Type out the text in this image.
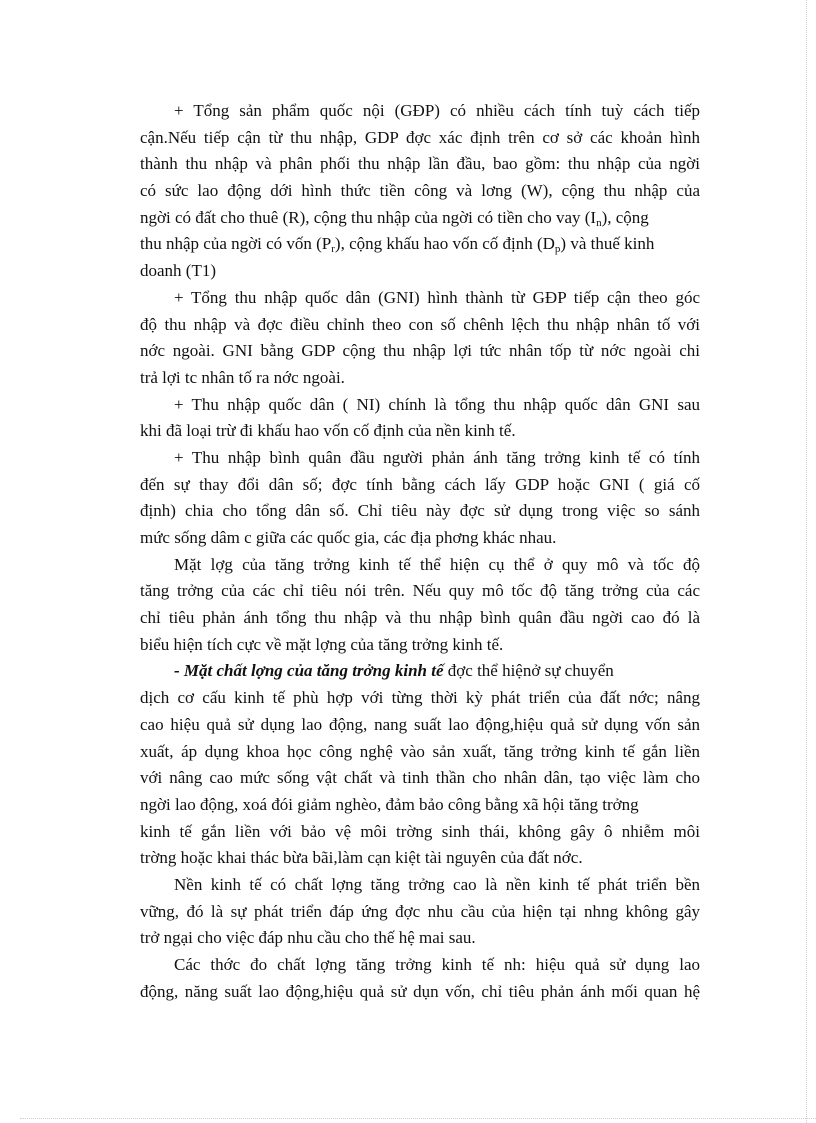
+ Tổng sản phẩm quốc nội (GĐP) có nhiều cách tính tuỳ cách tiếp
cận.Nếu tiếp cận từ thu nhập, GDP đợc xác định trên cơ sở các khoản hình
thành thu nhập và phân phối thu nhập lần đầu, bao gồm: thu nhập của ngời
có sức lao động dới hình thức tiền công và lơng (W), cộng thu nhập của
ngời có đất cho thuê (R), cộng thu nhập của ngời có tiền cho vay $(I_n)$, cộng
thu nhập của ngời có vốn $(P_r)$, cộng khấu hao vốn cố định $(D_p)$ và thuế kinh
doanh (T1)
+ Tổng thu nhập quốc dân (GNI) hình thành từ GĐP tiếp cận theo góc
độ thu nhập và đợc điều chỉnh theo con số chênh lệch thu nhập nhân tố với
nớc ngoài. GNI bằng GDP cộng thu nhập lợi tức nhân tốp từ nớc ngoài chi
trả lợi tc nhân tố ra nớc ngoài.
+ Thu nhập quốc dân ( NI) chính là tổng thu nhập quốc dân GNI sau
khi đã loại trừ đi khấu hao vốn cố định của nền kinh tế.
+ Thu nhập bình quân đầu người phản ánh tăng trởng kinh tế có tính
đến sự thay đổi dân số; đợc tính bằng cách lấy GDP hoặc GNI ( giá cố
định) chia cho tổng dân số. Chỉ tiêu này đợc sử dụng trong việc so sánh
mức sống dâm c giữa các quốc gia, các địa phơng khác nhau.
Mặt lợg của tăng trởng kinh tế thể hiện cụ thể ở quy mô và tốc độ
tăng trởng của các chỉ tiêu nói trên. Nếu quy mô tốc độ tăng trởng của các
chỉ tiêu phản ánh tổng thu nhập và thu nhập bình quân đầu ngời cao đó là
biểu hiện tích cực về mặt lợng của tăng trởng kinh tế.
- Mặt chất lợng của tăng trởng kinh tế đợc thể hiệnở sự chuyển
dịch cơ cấu kinh tế phù hợp với từng thời kỳ phát triển của đất nớc; nâng
cao hiệu quả sử dụng lao động, nang suất lao động,hiệu quả sử dụng vốn sản
xuất, áp dụng khoa học công nghệ vào sản xuất, tăng trởng kinh tế gắn liền
với nâng cao mức sống vật chất và tinh thần cho nhân dân, tạo việc làm cho
ngời lao động, xoá đói giảm nghèo, đảm bảo công bằng xã hội tăng trởng
kinh tế gắn liền với bảo vệ môi trờng sinh thái, không gây ô nhiễm môi
trờng hoặc khai thác bừa bãi,làm cạn kiệt tài nguyên của đất nớc.
Nền kinh tế có chất lợng tăng trởng cao là nền kinh tế phát triển bền
vững, đó là sự phát triển đáp ứng đợc nhu cầu của hiện tại nhng không gây
trở ngại cho việc đáp nhu cầu cho thế hệ mai sau.
Các thớc đo chất lợng tăng trởng kinh tế nh: hiệu quả sử dụng lao
động, năng suất lao động,hiệu quả sử dụn vốn, chỉ tiêu phản ánh mối quan hệ
